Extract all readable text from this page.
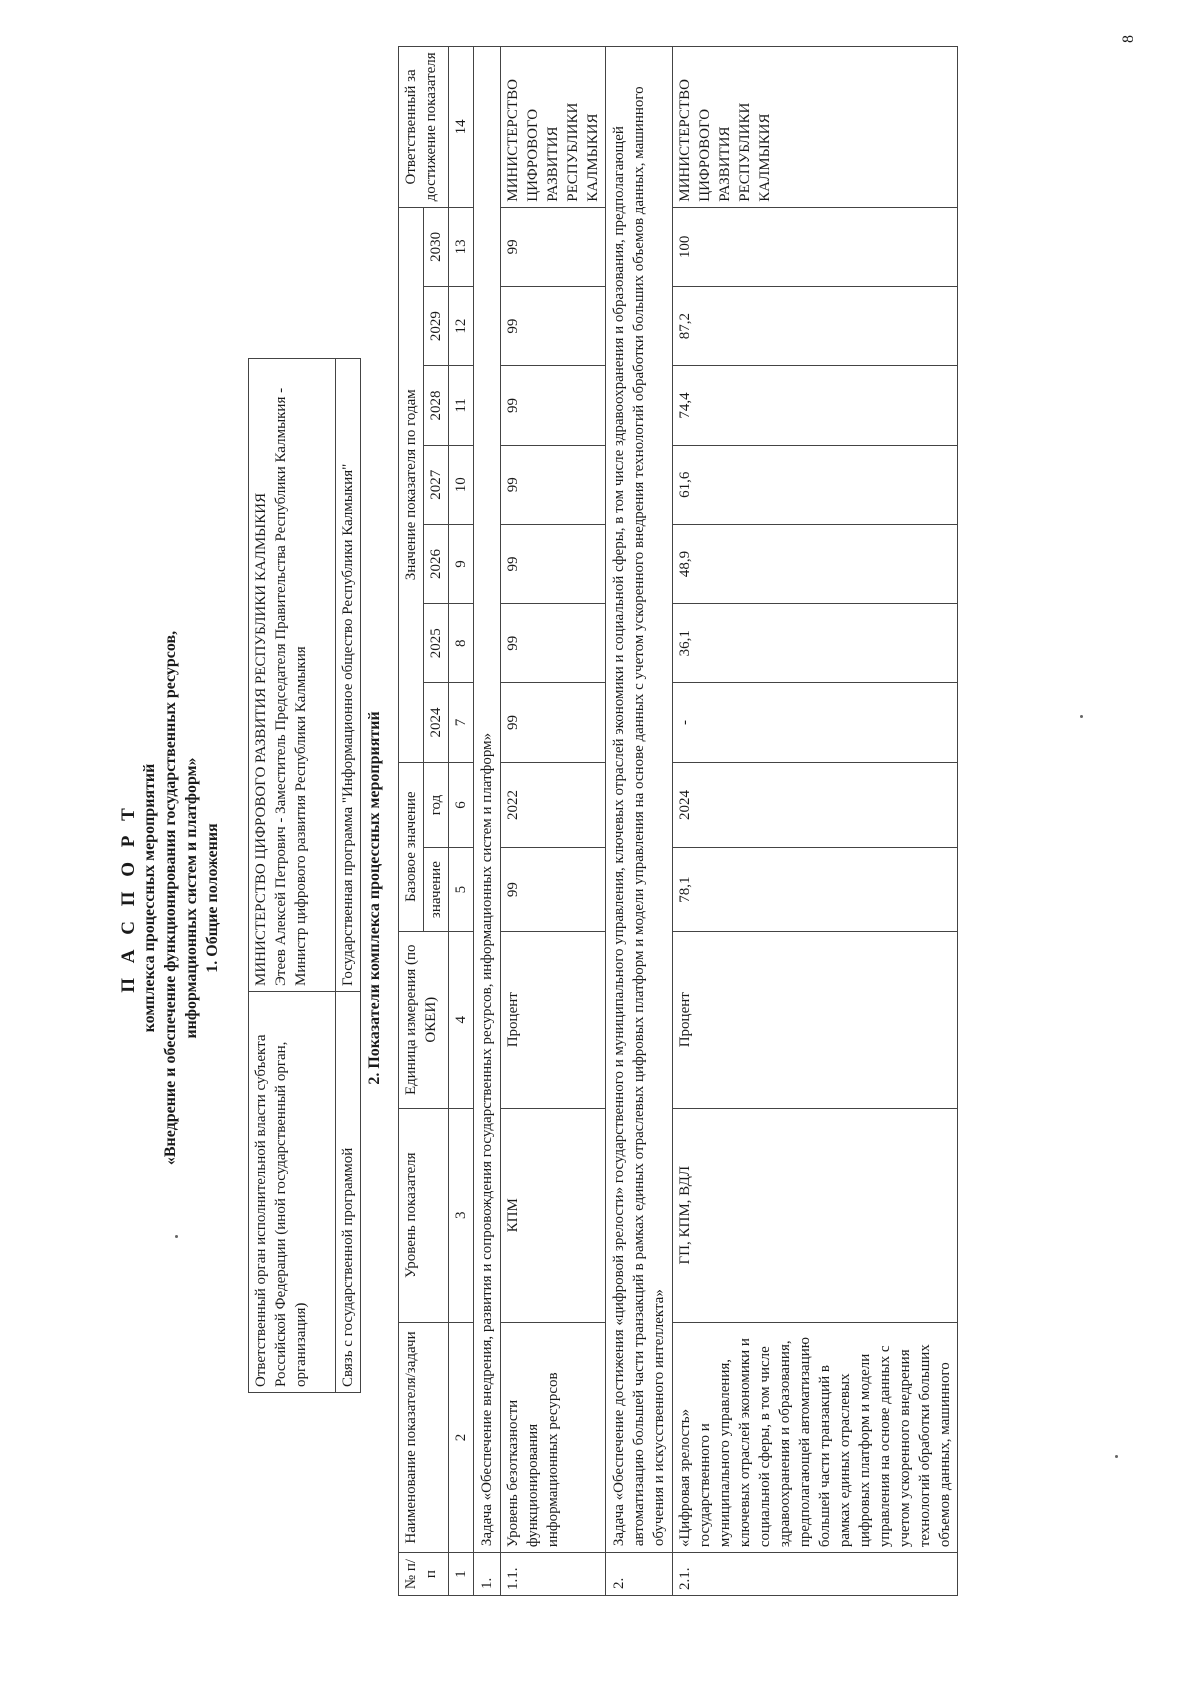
П А С П О Р Т комплекса процессных мероприятий «Внедрение и обеспечение функционирования государственных ресурсов, информационных систем и платформ» 1. Общие положения
Ответственный орган исполнительной власти субъекта Российской Федерации (иной государственный орган, организация)	МИНИСТЕРСТВО ЦИФРОВОГО РАЗВИТИЯ РЕСПУБЛИКИ КАЛМЫКИЯ Этеев Алексей Петрович - Заместитель Председателя Правительства Республики Калмыкия - Министр цифрового развития Республики Калмыкия

Связь с государственной программой	Государственная программа "Информационное общество Республики Калмыкия" 2. Показатели комплекса процессных мероприятий
№ п/п	Наименование показателя/задачи	Уровень показателя	Единица измерения (по ОКЕИ)	Базовое значение		Значение показателя по годам							Ответственный за достижение показателя
				значение	год	2024	2025	2026	2027	2028	2029	2030	
1	2	3	4	5	6	7	8	9	10	11	12	13	14
1.	Задача «Обеспечение внедрения, развития и сопровождения государственных ресурсов, информационных систем и платформ»												
1.1.	Уровень безотказности функционирования информационных ресурсов	КПМ	Процент	99	2022	99	99	99	99	99	99	99	МИНИСТЕРСТВО ЦИФРОВОГО РАЗВИТИЯ РЕСПУБЛИКИ КАЛМЫКИЯ
2.	Задача «Обеспечение достижения «цифровой зрелости» государственного и муниципального управления, ключевых отраслей экономики и социальной сферы, в том числе здравоохранения и образования, предполагающей автоматизацию большей части транзакций в рамках единых отраслевых цифровых платформ и модели управления на основе данных с учетом ускоренного внедрения технологий обработки больших объемов данных, машинного обучения и искусственного интеллекта»												
2.1.	«Цифровая зрелость» государственного и муниципального управления, ключевых отраслей экономики и социальной сферы, в том числе здравоохранения и образования, предполагающей автоматизацию большей части транзакций в рамках единых отраслевых цифровых платформ и модели управления на основе данных с учетом ускоренного внедрения технологий обработки больших объемов данных, машинного	ГП, КПМ, ВДЛ	Процент	78,1	2024	-	36,1	48,9	61,6	74,4	87,2	100	МИНИСТЕРСТВО ЦИФРОВОГО РАЗВИТИЯ РЕСПУБЛИКИ КАЛМЫКИЯ
8
